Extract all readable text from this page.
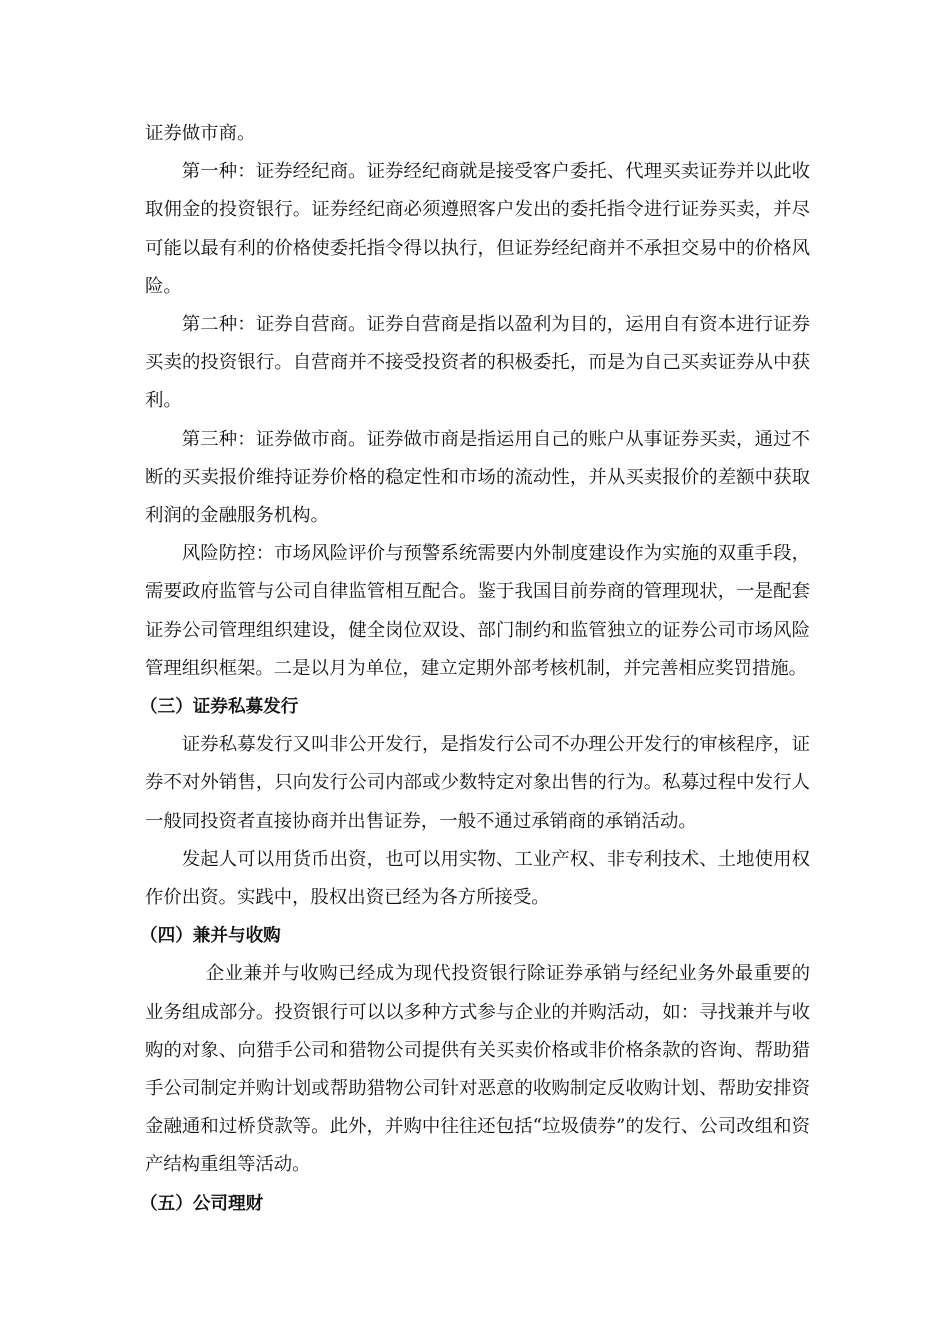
证券做市商。

第一种：证券经纪商。证券经纪商就是接受客户委托、代理买卖证券并以此收取佣金的投资银行。证券经纪商必须遵照客户发出的委托指令进行证券买卖，并尽可能以最有利的价格使委托指令得以执行，但证券经纪商并不承担交易中的价格风险。

第二种：证券自营商。证券自营商是指以盈利为目的，运用自有资本进行证券买卖的投资银行。自营商并不接受投资者的积极委托，而是为自己买卖证券从中获利。

第三种：证券做市商。证券做市商是指运用自己的账户从事证券买卖，通过不断的买卖报价维持证券价格的稳定性和市场的流动性，并从买卖报价的差额中获取利润的金融服务机构。

风险防控：市场风险评价与预警系统需要内外制度建设作为实施的双重手段，需要政府监管与公司自律监管相互配合。鉴于我国目前券商的管理现状，一是配套证券公司管理组织建设，健全岗位双设、部门制约和监管独立的证券公司市场风险管理组织框架。二是以月为单位，建立定期外部考核机制，并完善相应奖罚措施。

（三）证券私募发行

证券私募发行又叫非公开发行，是指发行公司不办理公开发行的审核程序，证券不对外销售，只向发行公司内部或少数特定对象出售的行为。私募过程中发行人一般同投资者直接协商并出售证券，一般不通过承销商的承销活动。

发起人可以用货币出资，也可以用实物、工业产权、非专利技术、土地使用权作价出资。实践中，股权出资已经为各方所接受。

（四）兼并与收购

企业兼并与收购已经成为现代投资银行除证券承销与经纪业务外最重要的业务组成部分。投资银行可以以多种方式参与企业的并购活动，如：寻找兼并与收购的对象、向猎手公司和猎物公司提供有关买卖价格或非价格条款的咨询、帮助猎手公司制定并购计划或帮助猎物公司针对恶意的收购制定反收购计划、帮助安排资金融通和过桥贷款等。此外，并购中往往还包括“垃圾债券”的发行、公司改组和资产结构重组等活动。

（五）公司理财
